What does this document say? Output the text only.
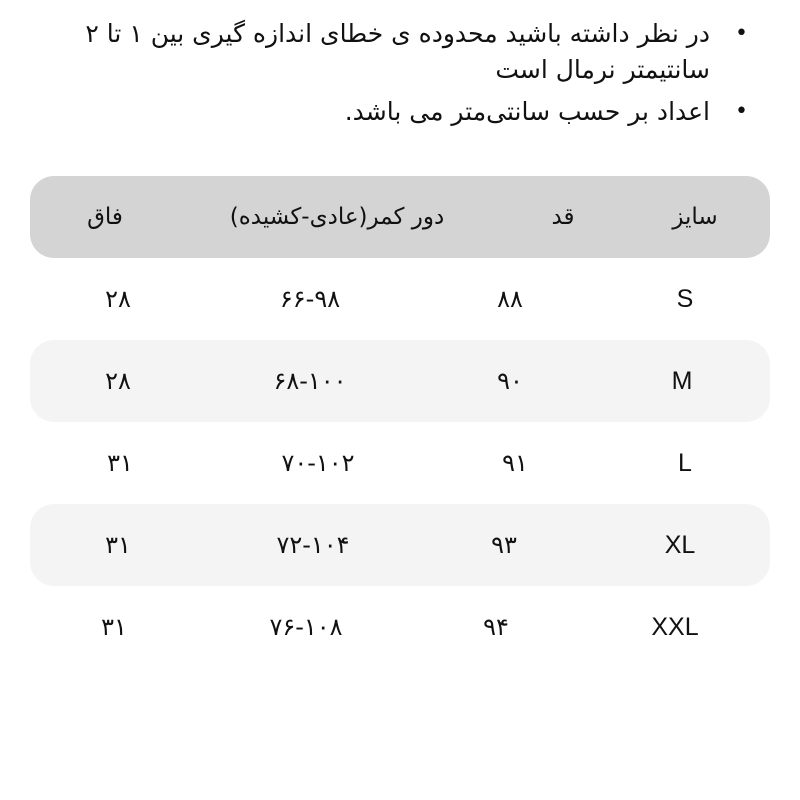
•
در نظر داشته باشید محدوده ی خطای اندازه گیری بین ۱ تا ۲ سانتیمتر نرمال است
•
اعداد بر حسب سانتی‌متر می باشد.
سایز
قد
دور کمر(عادی-کشیده)
فاق
S
۸۸
۶۶-۹۸
۲۸
M
۹۰
۶۸-۱۰۰
۲۸
L
۹۱
۷۰-۱۰۲
۳۱
XL
۹۳
۷۲-۱۰۴
۳۱
XXL
۹۴
۷۶-۱۰۸
۳۱
